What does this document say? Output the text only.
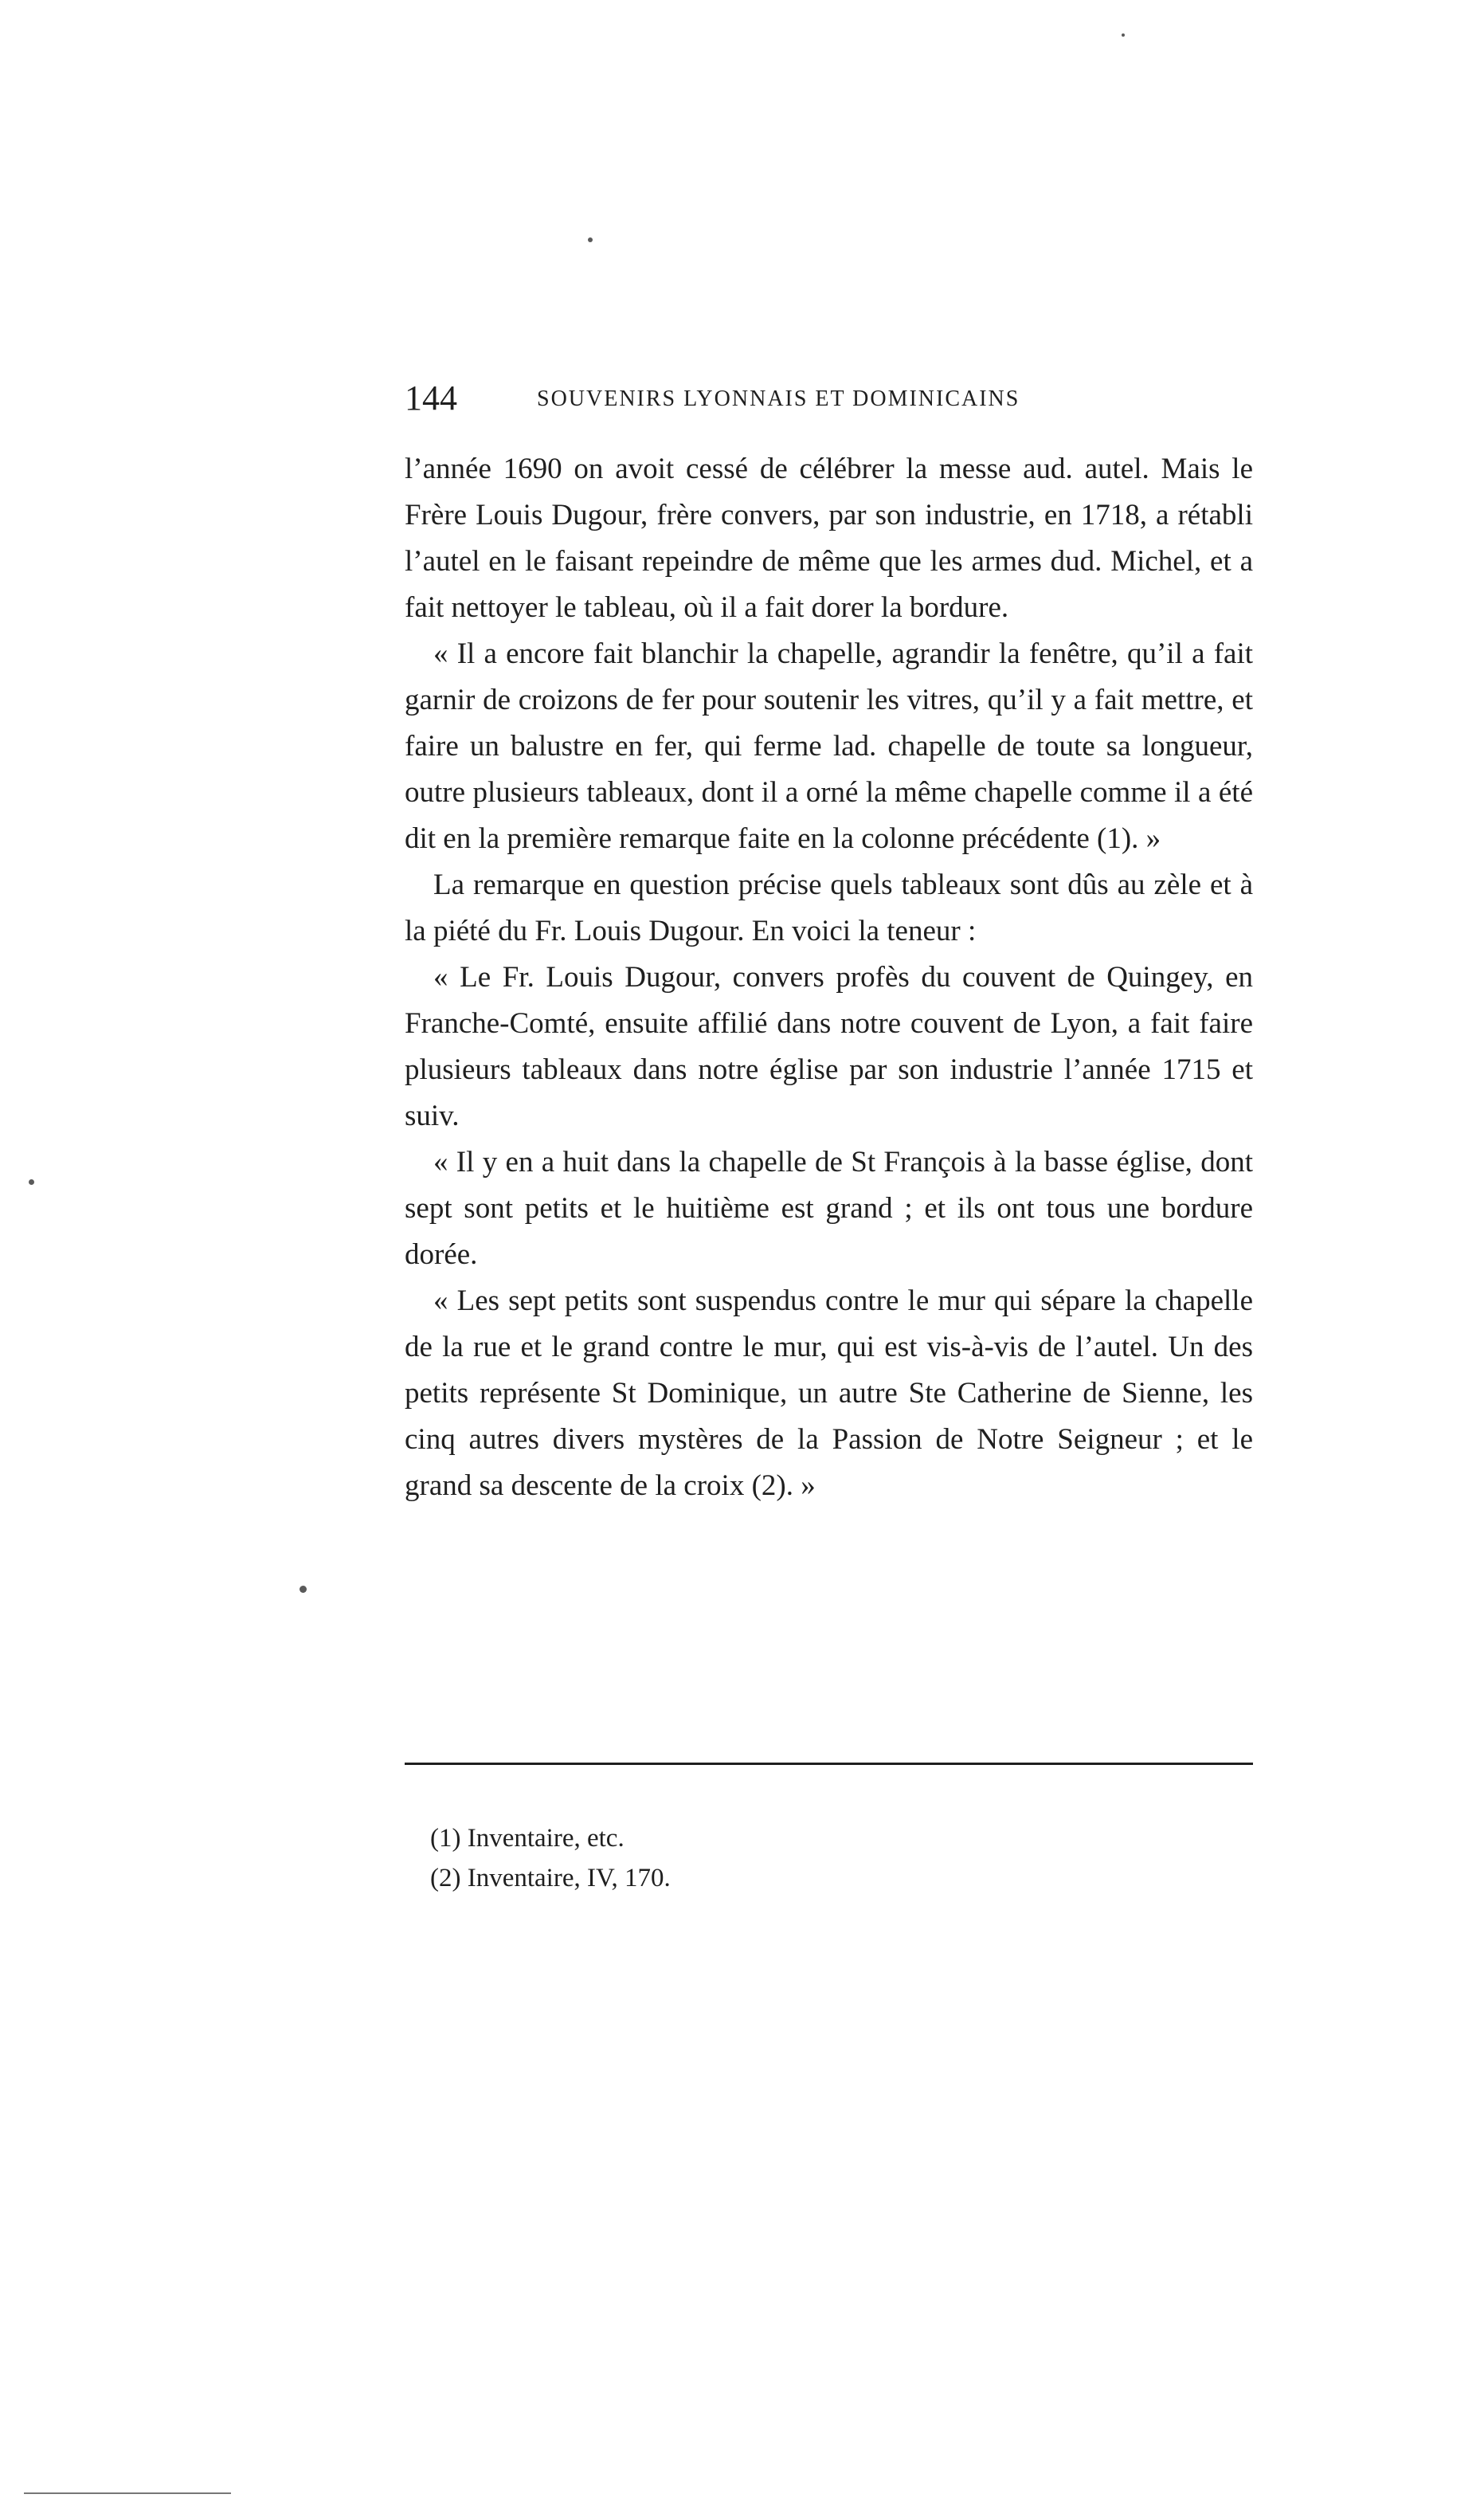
144	SOUVENIRS LYONNAIS ET DOMINICAINS

l’année 1690 on avoit cessé de célébrer la messe aud. autel. Mais le Frère Louis Dugour, frère convers, par son industrie, en 1718, a rétabli l’autel en le faisant repeindre de même que les armes dud. Michel, et a fait nettoyer le tableau, où il a fait dorer la bordure.

« Il a encore fait blanchir la chapelle, agrandir la fenêtre, qu’il a fait garnir de croizons de fer pour soutenir les vitres, qu’il y a fait mettre, et faire un balustre en fer, qui ferme lad. chapelle de toute sa longueur, outre plusieurs tableaux, dont il a orné la même chapelle comme il a été dit en la première remarque faite en la colonne précédente (1). »

La remarque en question précise quels tableaux sont dûs au zèle et à la piété du Fr. Louis Dugour. En voici la teneur :

« Le Fr. Louis Dugour, convers profès du couvent de Quingey, en Franche-Comté, ensuite affilié dans notre couvent de Lyon, a fait faire plusieurs tableaux dans notre église par son industrie l’année 1715 et suiv.

« Il y en a huit dans la chapelle de St François à la basse église, dont sept sont petits et le huitième est grand ; et ils ont tous une bordure dorée.

« Les sept petits sont suspendus contre le mur qui sépare la chapelle de la rue et le grand contre le mur, qui est vis-à-vis de l’autel. Un des petits représente St Dominique, un autre Ste Catherine de Sienne, les cinq autres divers mystères de la Passion de Notre Seigneur ; et le grand sa descente de la croix (2). »

(1) Inventaire, etc.

(2) Inventaire, IV, 170.
